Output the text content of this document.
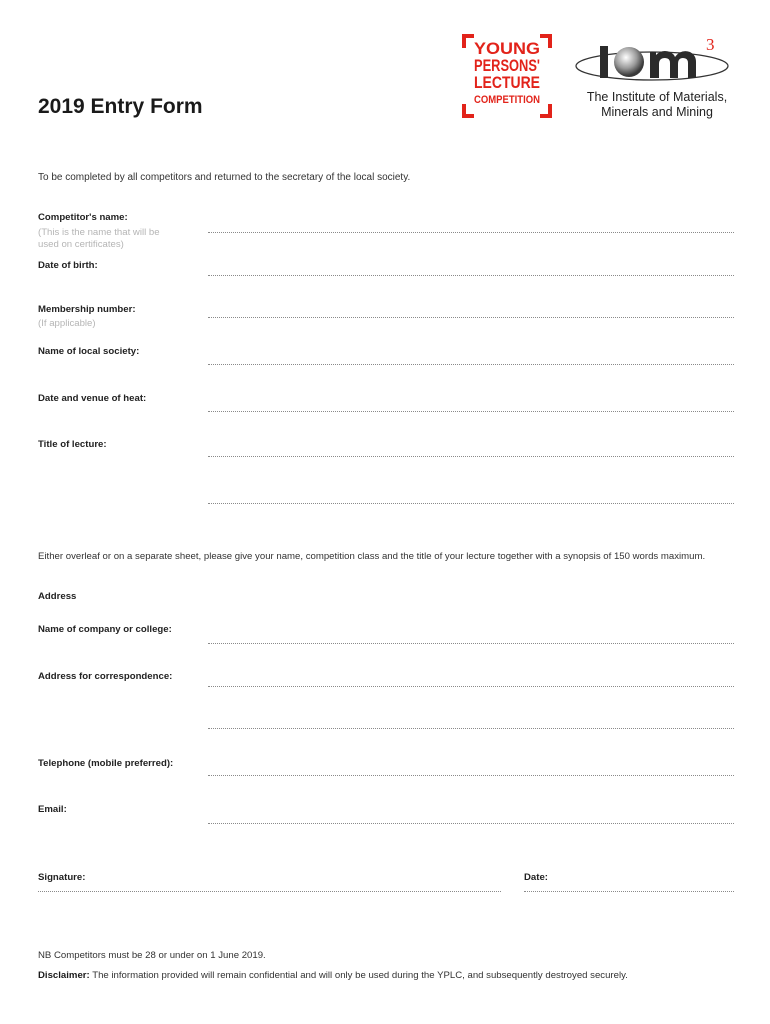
YOUNG
PERSONS'
LECTURE
COMPETITION
3
The Institute of Materials,
Minerals and Mining
2019 Entry Form
To be completed by all competitors and returned to the secretary of the local society.
Competitor's name:
(This is the name that will be
used on certificates)
Date of birth:
Membership number:
(If applicable)
Name of local society:
Date and venue of heat:
Title of lecture:
Either overleaf or on a separate sheet, please give your name, competition class and the title of your lecture together with a synopsis of 150 words maximum.
Address
Name of company or college:
Address for correspondence:
Telephone (mobile preferred):
Email:
Signature:	Date:
NB Competitors must be 28 or under on 1 June 2019.
Disclaimer: The information provided will remain confidential and will only be used during the YPLC, and subsequently destroyed securely.
